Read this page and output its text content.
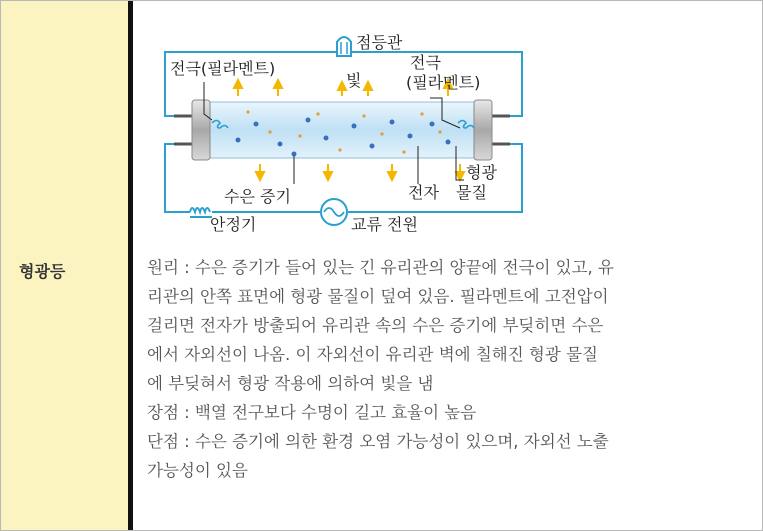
형광등
점등관
안정기	교류 전원
전극(필라멘트)
빛
전극
(필라멘트)
형광
물질
수은 증기	전자

원리 : 수은 증기가 들어 있는 긴 유리관의 양끝에 전극이 있고, 유

리관의 안쪽 표면에 형광 물질이 덮여 있음. 필라멘트에 고전압이

걸리면 전자가 방출되어 유리관 속의 수은 증기에 부딪히면 수은

에서 자외선이 나옴. 이 자외선이 유리관 벽에 칠해진 형광 물질

에 부딪혀서 형광 작용에 의하여 빛을 냄

장점 : 백열 전구보다 수명이 길고 효율이 높음

단점 : 수은 증기에 의한 환경 오염 가능성이 있으며, 자외선 노출

가능성이 있음
